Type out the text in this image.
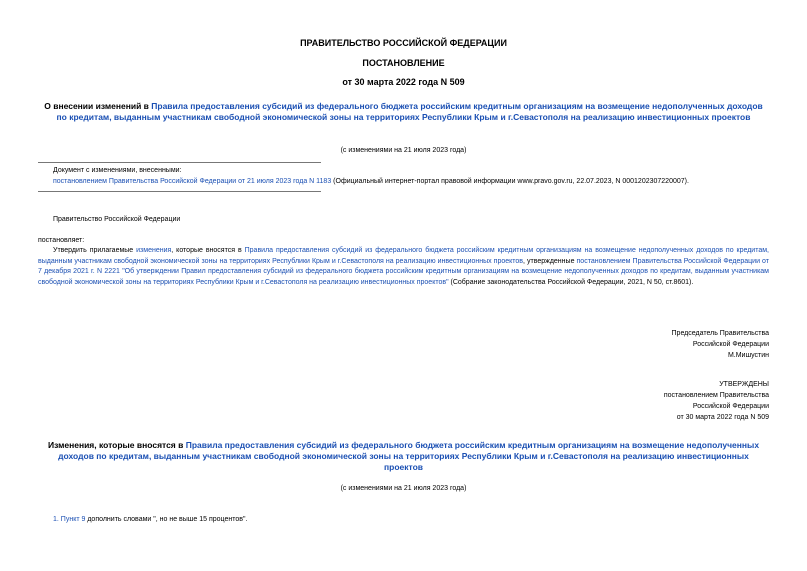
ПРАВИТЕЛЬСТВО РОССИЙСКОЙ ФЕДЕРАЦИИ
ПОСТАНОВЛЕНИЕ
от 30 марта 2022 года N 509
О внесении изменений в Правила предоставления субсидий из федерального бюджета российским кредитным организациям на возмещение недополученных доходов по кредитам, выданным участникам свободной экономической зоны на территориях Республики Крым и г.Севастополя на реализацию инвестиционных проектов
(с изменениями на 21 июля 2023 года)
Документ с изменениями, внесенными:
постановлением Правительства Российской Федерации от 21 июля 2023 года N 1183 (Официальный интернет-портал правовой информации www.pravo.gov.ru, 22.07.2023, N 0001202307220007).
Правительство Российской Федерации
постановляет:
Утвердить прилагаемые изменения, которые вносятся в Правила предоставления субсидий из федерального бюджета российским кредитным организациям на возмещение недополученных доходов по кредитам, выданным участникам свободной экономической зоны на территориях Республики Крым и г.Севастополя на реализацию инвестиционных проектов, утвержденные постановлением Правительства Российской Федерации от 7 декабря 2021 г. N 2221 "Об утверждении Правил предоставления субсидий из федерального бюджета российским кредитным организациям на возмещение недополученных доходов по кредитам, выданным участникам свободной экономической зоны на территориях Республики Крым и г.Севастополя на реализацию инвестиционных проектов" (Собрание законодательства Российской Федерации, 2021, N 50, ст.8601).
Председатель Правительства
Российской Федерации
М.Мишустин
УТВЕРЖДЕНЫ
постановлением Правительства
Российской Федерации
от 30 марта 2022 года N 509
Изменения, которые вносятся в Правила предоставления субсидий из федерального бюджета российским кредитным организациям на возмещение недополученных доходов по кредитам, выданным участникам свободной экономической зоны на территориях Республики Крым и г.Севастополя на реализацию инвестиционных проектов
(с изменениями на 21 июля 2023 года)
1. Пункт 9 дополнить словами ", но не выше 15 процентов".
